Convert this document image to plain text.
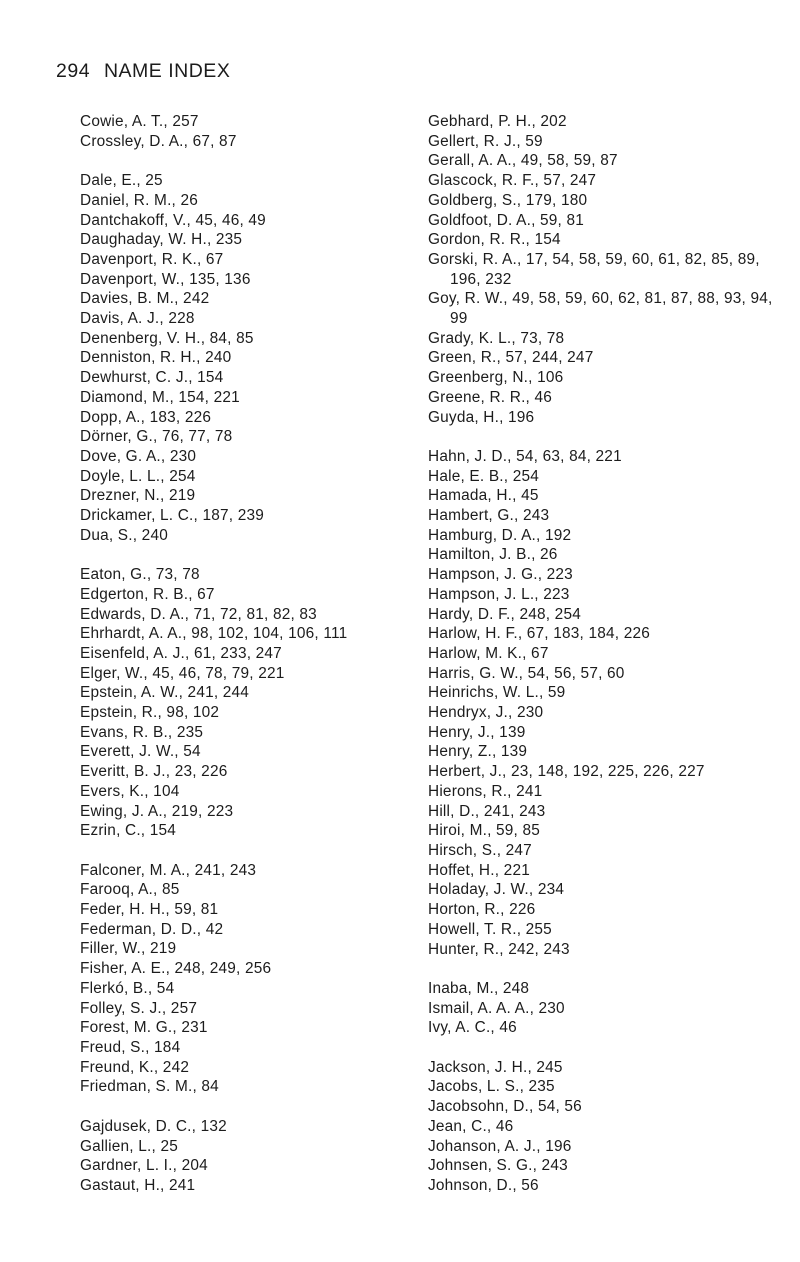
294 NAME INDEX
Cowie, A. T., 257
Crossley, D. A., 67, 87
Dale, E., 25
Daniel, R. M., 26
Dantchakoff, V., 45, 46, 49
Daughaday, W. H., 235
Davenport, R. K., 67
Davenport, W., 135, 136
Davies, B. M., 242
Davis, A. J., 228
Denenberg, V. H., 84, 85
Denniston, R. H., 240
Dewhurst, C. J., 154
Diamond, M., 154, 221
Dopp, A., 183, 226
Dörner, G., 76, 77, 78
Dove, G. A., 230
Doyle, L. L., 254
Drezner, N., 219
Drickamer, L. C., 187, 239
Dua, S., 240
Eaton, G., 73, 78
Edgerton, R. B., 67
Edwards, D. A., 71, 72, 81, 82, 83
Ehrhardt, A. A., 98, 102, 104, 106, 111
Eisenfeld, A. J., 61, 233, 247
Elger, W., 45, 46, 78, 79, 221
Epstein, A. W., 241, 244
Epstein, R., 98, 102
Evans, R. B., 235
Everett, J. W., 54
Everitt, B. J., 23, 226
Evers, K., 104
Ewing, J. A., 219, 223
Ezrin, C., 154
Falconer, M. A., 241, 243
Farooq, A., 85
Feder, H. H., 59, 81
Federman, D. D., 42
Filler, W., 219
Fisher, A. E., 248, 249, 256
Flerkó, B., 54
Folley, S. J., 257
Forest, M. G., 231
Freud, S., 184
Freund, K., 242
Friedman, S. M., 84
Gajdusek, D. C., 132
Gallien, L., 25
Gardner, L. I., 204
Gastaut, H., 241
Gebhard, P. H., 202
Gellert, R. J., 59
Gerall, A. A., 49, 58, 59, 87
Glascock, R. F., 57, 247
Goldberg, S., 179, 180
Goldfoot, D. A., 59, 81
Gordon, R. R., 154
Gorski, R. A., 17, 54, 58, 59, 60, 61, 82, 85, 89, 196, 232
Goy, R. W., 49, 58, 59, 60, 62, 81, 87, 88, 93, 94, 99
Grady, K. L., 73, 78
Green, R., 57, 244, 247
Greenberg, N., 106
Greene, R. R., 46
Guyda, H., 196
Hahn, J. D., 54, 63, 84, 221
Hale, E. B., 254
Hamada, H., 45
Hambert, G., 243
Hamburg, D. A., 192
Hamilton, J. B., 26
Hampson, J. G., 223
Hampson, J. L., 223
Hardy, D. F., 248, 254
Harlow, H. F., 67, 183, 184, 226
Harlow, M. K., 67
Harris, G. W., 54, 56, 57, 60
Heinrichs, W. L., 59
Hendryx, J., 230
Henry, J., 139
Henry, Z., 139
Herbert, J., 23, 148, 192, 225, 226, 227
Hierons, R., 241
Hill, D., 241, 243
Hiroi, M., 59, 85
Hirsch, S., 247
Hoffet, H., 221
Holaday, J. W., 234
Horton, R., 226
Howell, T. R., 255
Hunter, R., 242, 243
Inaba, M., 248
Ismail, A. A. A., 230
Ivy, A. C., 46
Jackson, J. H., 245
Jacobs, L. S., 235
Jacobsohn, D., 54, 56
Jean, C., 46
Johanson, A. J., 196
Johnsen, S. G., 243
Johnson, D., 56
